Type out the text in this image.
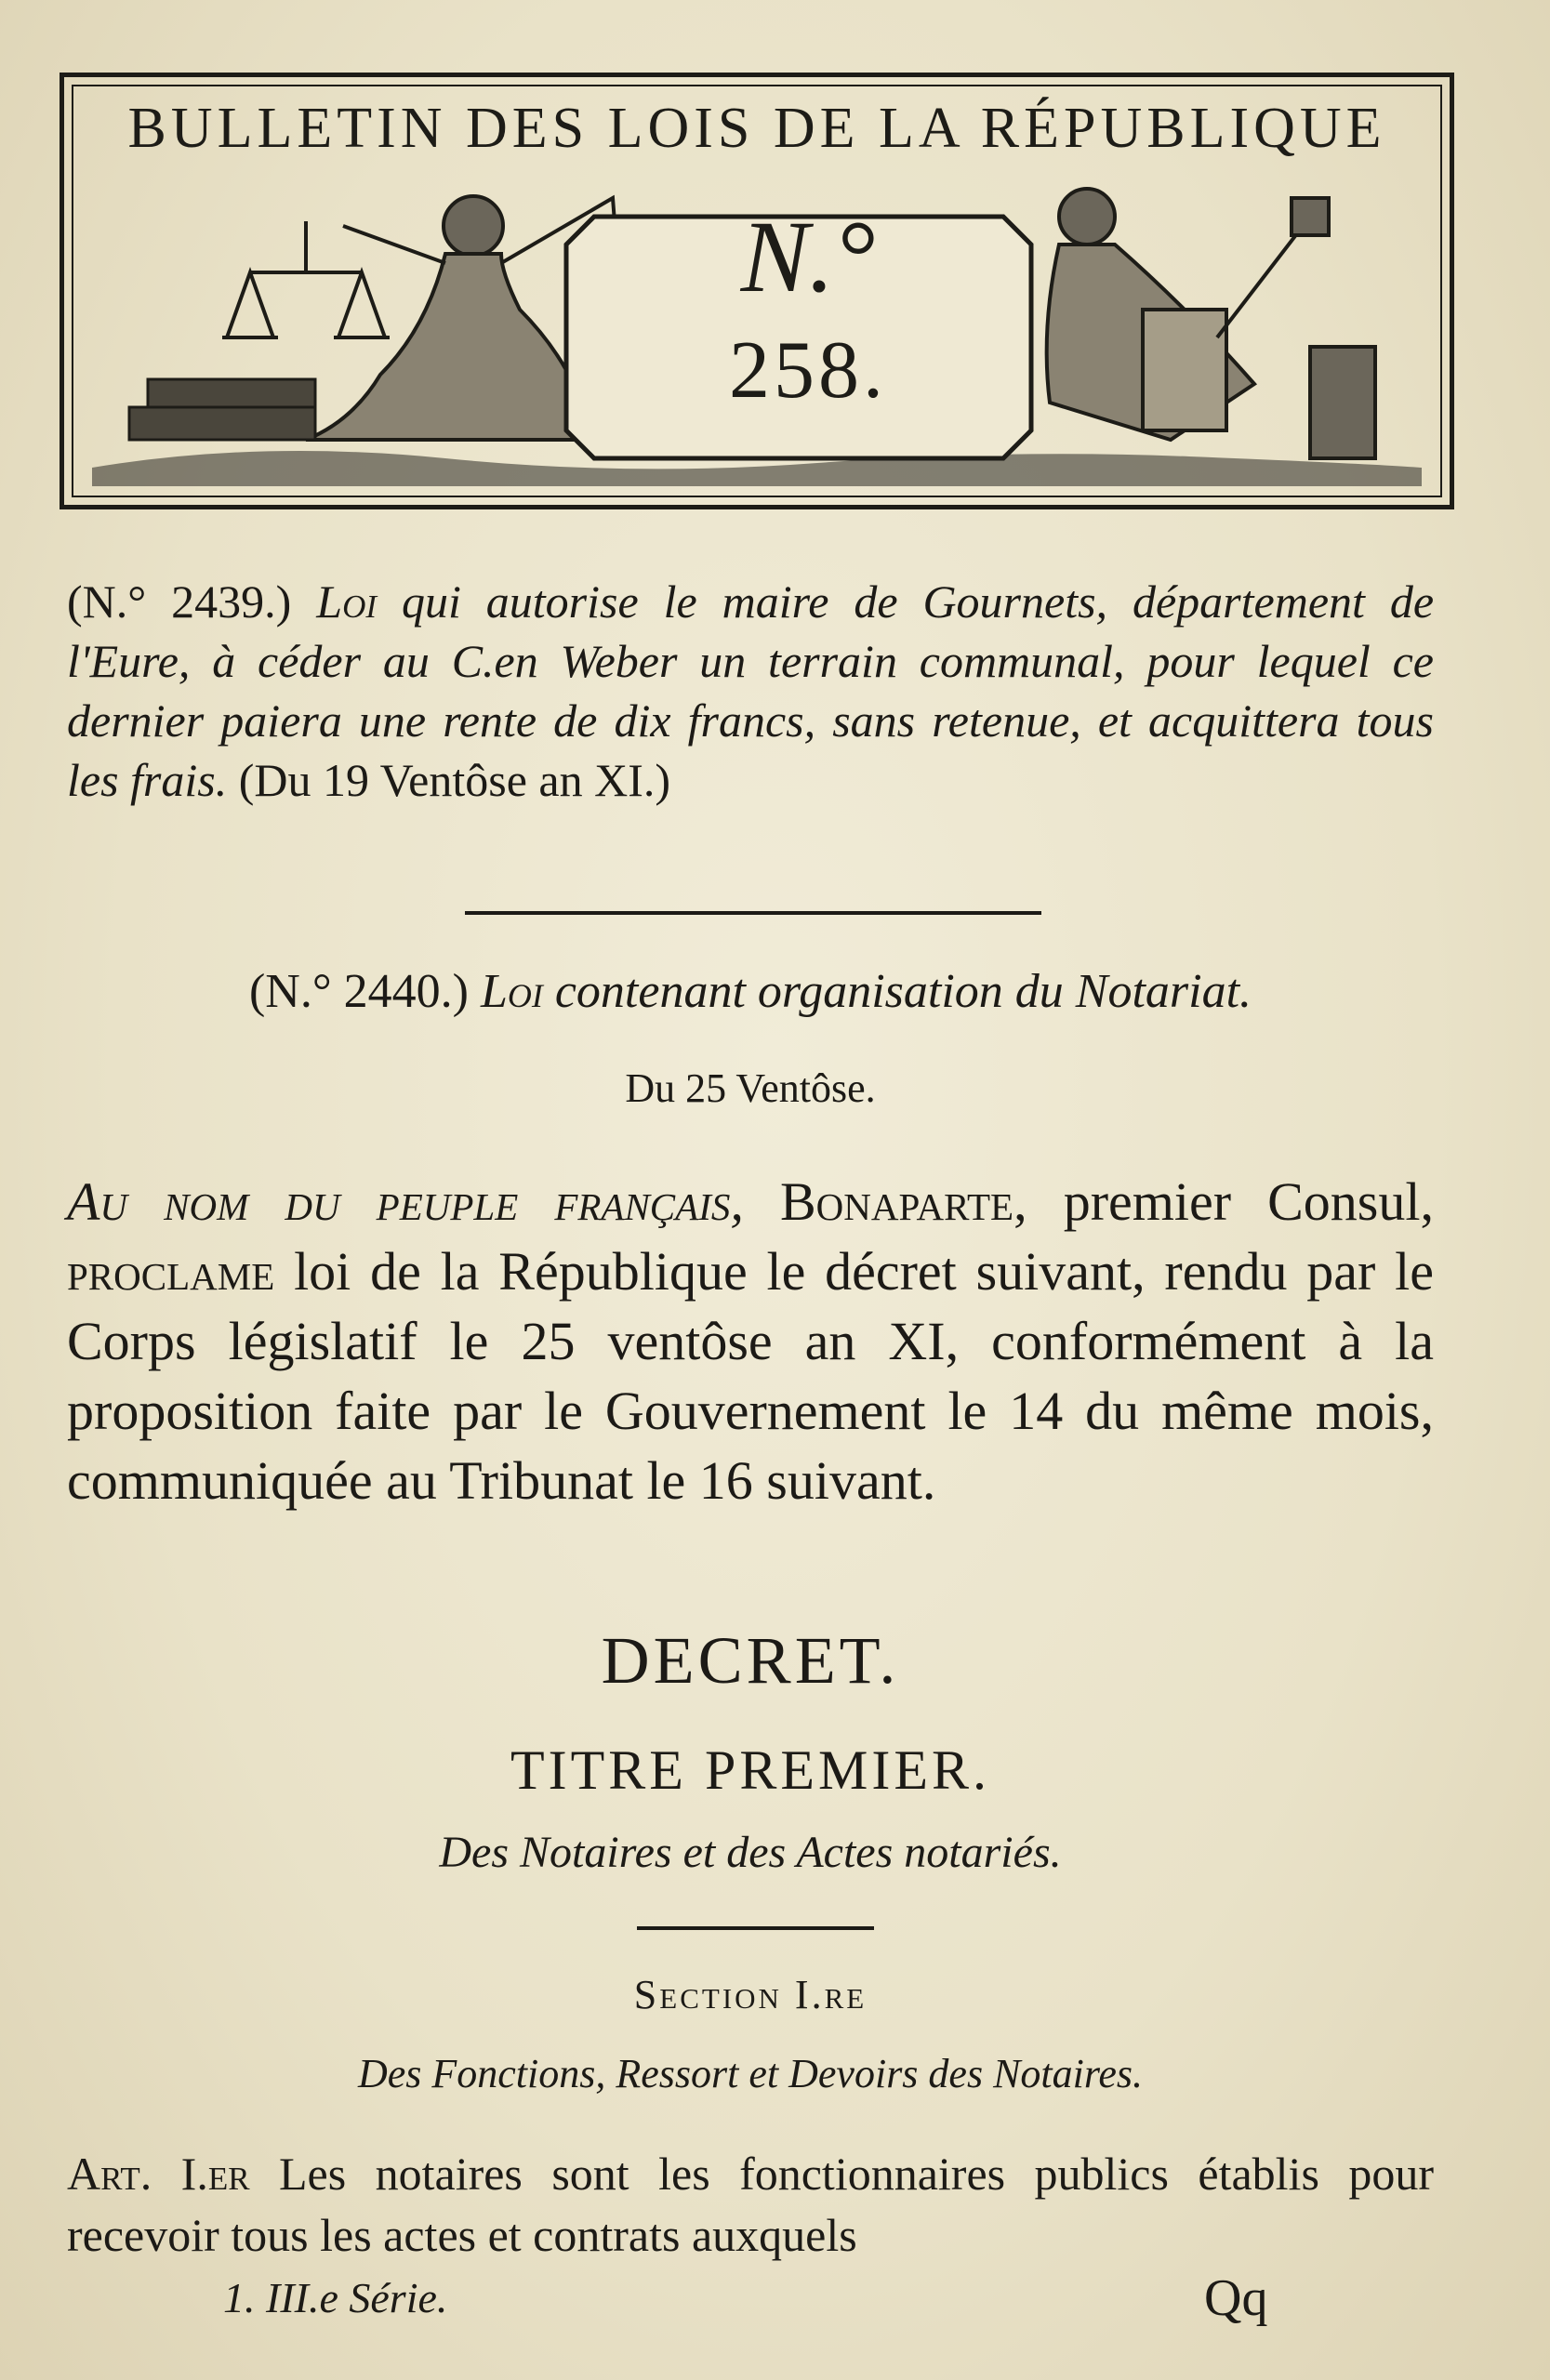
BULLETIN DES LOIS DE LA RÉPUBLIQUE
N.°
258.
(N.° 2439.) Loi qui autorise le maire de Gournets, département de l'Eure, à céder au C.en Weber un terrain communal, pour lequel ce dernier paiera une rente de dix francs, sans retenue, et acquittera tous les frais. (Du 19 Ventôse an XI.)
(N.° 2440.) Loi contenant organisation du Notariat.
Du 25 Ventôse.
Au nom du peuple français, Bonaparte, premier Consul, proclame loi de la République le décret suivant, rendu par le Corps législatif le 25 ventôse an XI, conformément à la proposition faite par le Gouvernement le 14 du même mois, communiquée au Tribunat le 16 suivant.
DECRET.
TITRE PREMIER.
Des Notaires et des Actes notariés.
Section I.re
Des Fonctions, Ressort et Devoirs des Notaires.
Art. I.er Les notaires sont les fonctionnaires publics établis pour recevoir tous les actes et contrats auxquels
1. III.e Série.	Qq
